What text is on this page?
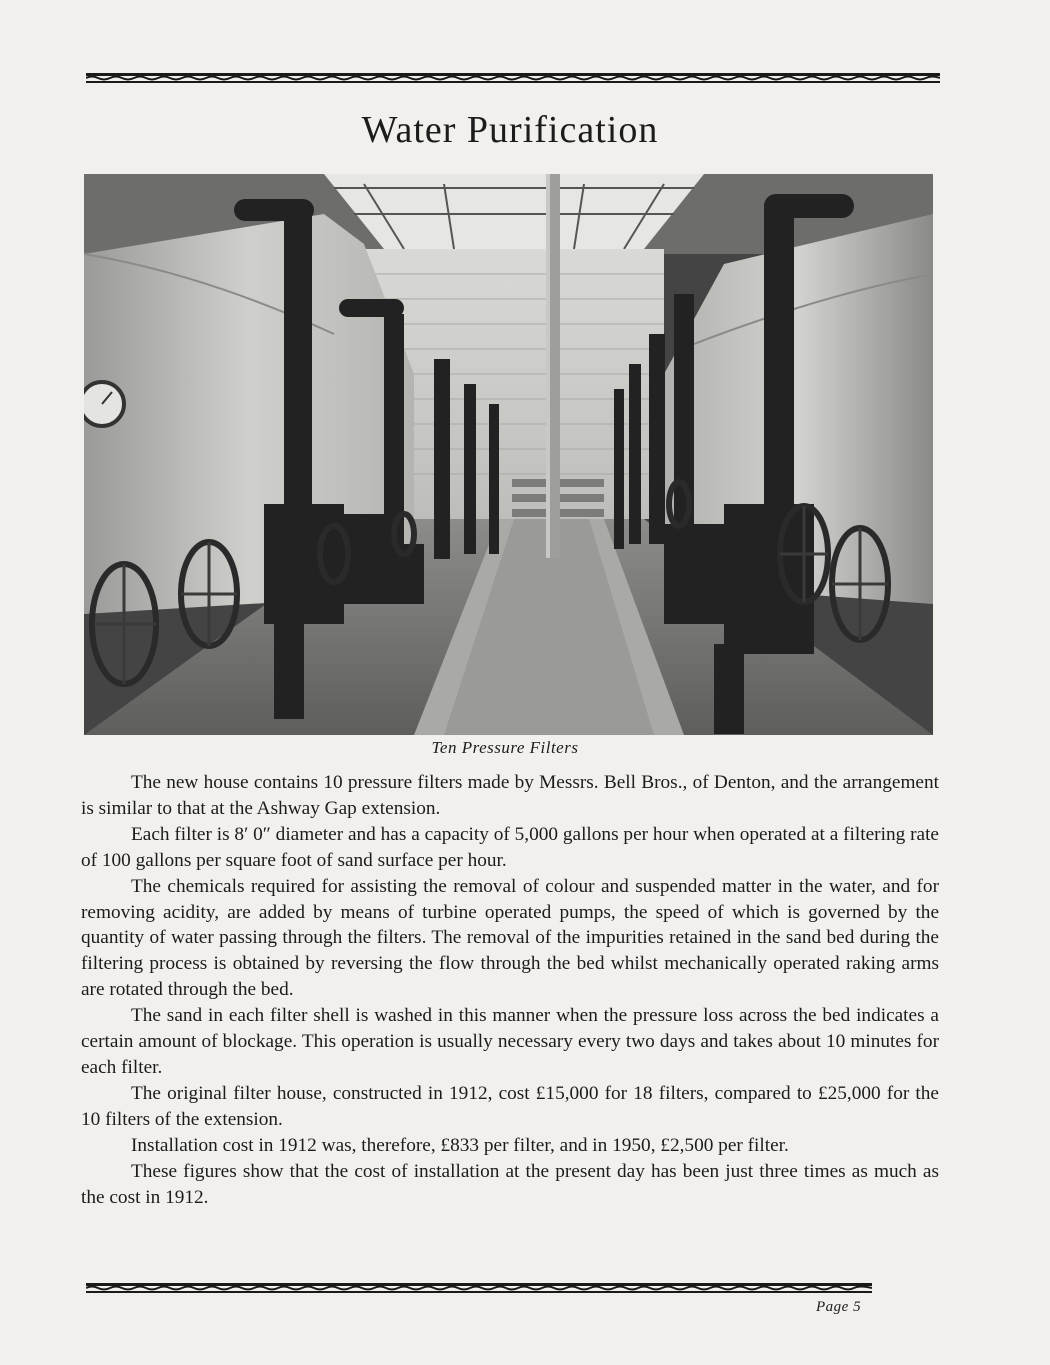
Water Purification
Ten Pressure Filters

The new house contains 10 pressure filters made by Messrs. Bell Bros., of Denton, and the arrangement is similar to that at the Ashway Gap extension.

Each filter is 8′ 0″ diameter and has a capacity of 5,000 gallons per hour when operated at a filtering rate of 100 gallons per square foot of sand surface per hour.

The chemicals required for assisting the removal of colour and suspended matter in the water, and for removing acidity, are added by means of turbine operated pumps, the speed of which is governed by the quantity of water passing through the filters. The removal of the impurities retained in the sand bed during the filtering process is obtained by reversing the flow through the bed whilst mechanically operated raking arms are rotated through the bed.

The sand in each filter shell is washed in this manner when the pressure loss across the bed indicates a certain amount of blockage. This operation is usually necessary every two days and takes about 10 minutes for each filter.

The original filter house, constructed in 1912, cost £15,000 for 18 filters, compared to £25,000 for the 10 filters of the extension.

Installation cost in 1912 was, therefore, £833 per filter, and in 1950, £2,500 per filter.

These figures show that the cost of installation at the present day has been just three times as much as the cost in 1912.

Page 5
